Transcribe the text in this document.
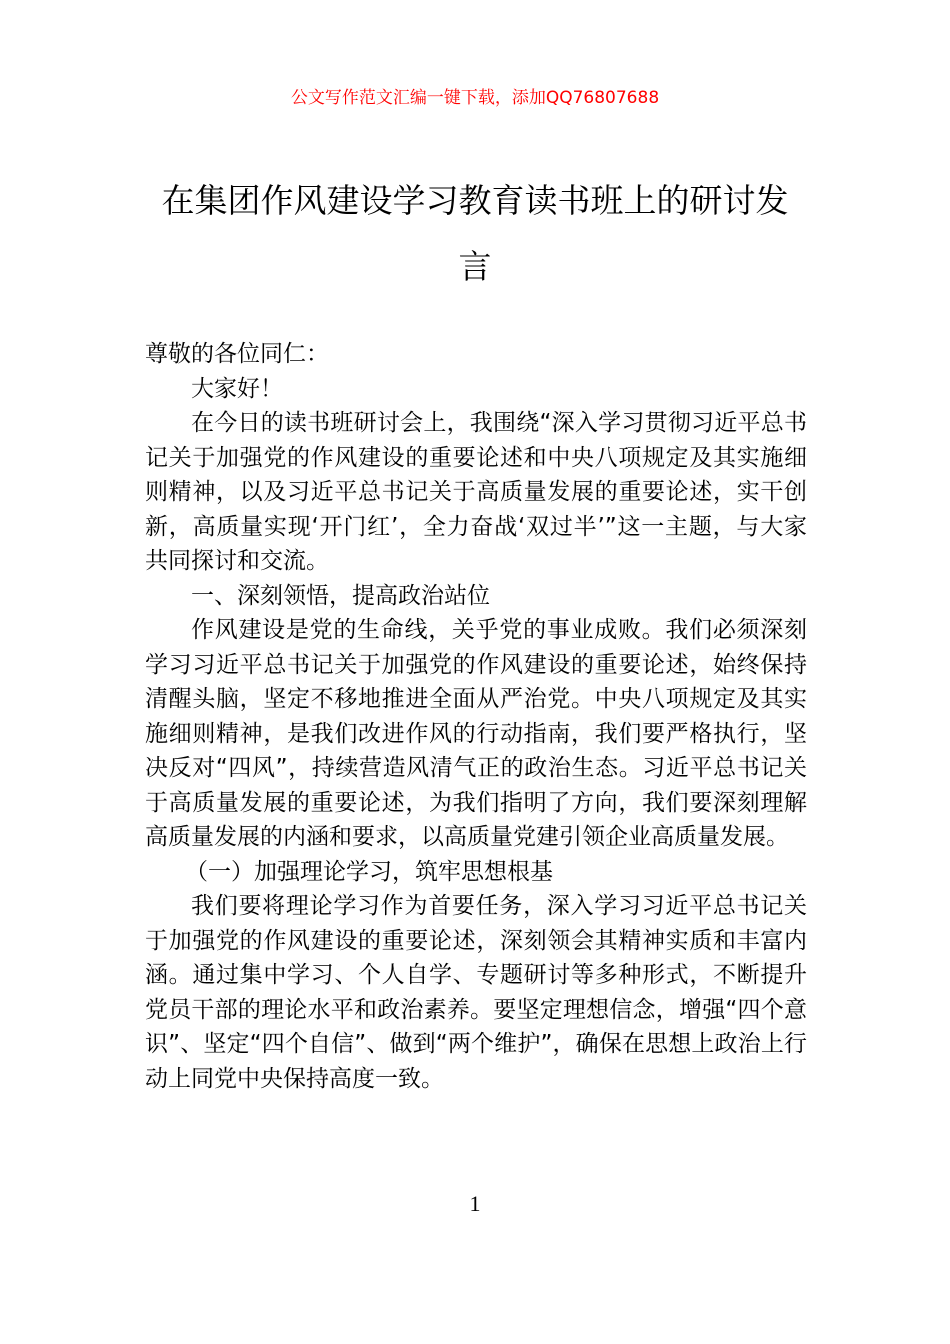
公文写作范文汇编一键下载，添加QQ76807688
在集团作风建设学习教育读书班上的研讨发言

尊敬的各位同仁：

大家好！

在今日的读书班研讨会上，我围绕“深入学习贯彻习近平总书记关于加强党的作风建设的重要论述和中央八项规定及其实施细则精神，以及习近平总书记关于高质量发展的重要论述，实干创新，高质量实现‘开门红’，全力奋战‘双过半’”这一主题，与大家共同探讨和交流。

一、深刻领悟，提高政治站位

作风建设是党的生命线，关乎党的事业成败。我们必须深刻学习习近平总书记关于加强党的作风建设的重要论述，始终保持清醒头脑，坚定不移地推进全面从严治党。中央八项规定及其实施细则精神，是我们改进作风的行动指南，我们要严格执行，坚决反对“四风”，持续营造风清气正的政治生态。习近平总书记关于高质量发展的重要论述，为我们指明了方向，我们要深刻理解高质量发展的内涵和要求，以高质量党建引领企业高质量发展。

（一）加强理论学习，筑牢思想根基

我们要将理论学习作为首要任务，深入学习习近平总书记关于加强党的作风建设的重要论述，深刻领会其精神实质和丰富内涵。通过集中学习、个人自学、专题研讨等多种形式，不断提升党员干部的理论水平和政治素养。要坚定理想信念，增强“四个意识”、坚定“四个自信”、做到“两个维护”，确保在思想上政治上行动上同党中央保持高度一致。

1
